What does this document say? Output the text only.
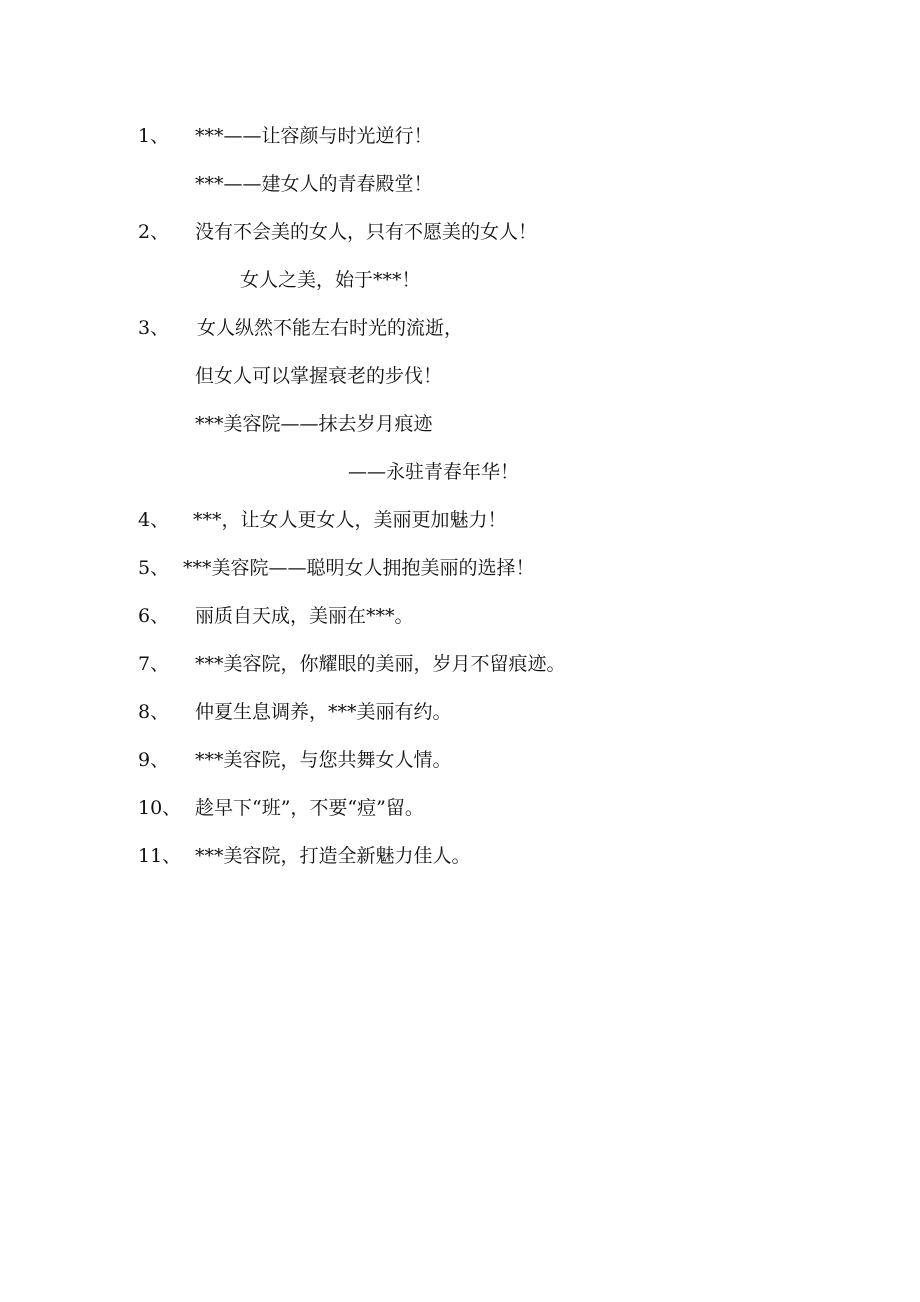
1、 ***——让容颜与时光逆行！
***——建女人的青春殿堂！
2、 没有不会美的女人，只有不愿美的女人！
女人之美，始于***！
3、 女人纵然不能左右时光的流逝，
但女人可以掌握衰老的步伐！
***美容院——抹去岁月痕迹
——永驻青春年华！
4、 ***，让女人更女人，美丽更加魅力！
5、 ***美容院——聪明女人拥抱美丽的选择！
6、 丽质自天成，美丽在***。
7、 ***美容院，你耀眼的美丽，岁月不留痕迹。
8、 仲夏生息调养，***美丽有约。
9、 ***美容院，与您共舞女人情。
10、 趁早下“班”，不要“痘”留。
11、 ***美容院，打造全新魅力佳人。
